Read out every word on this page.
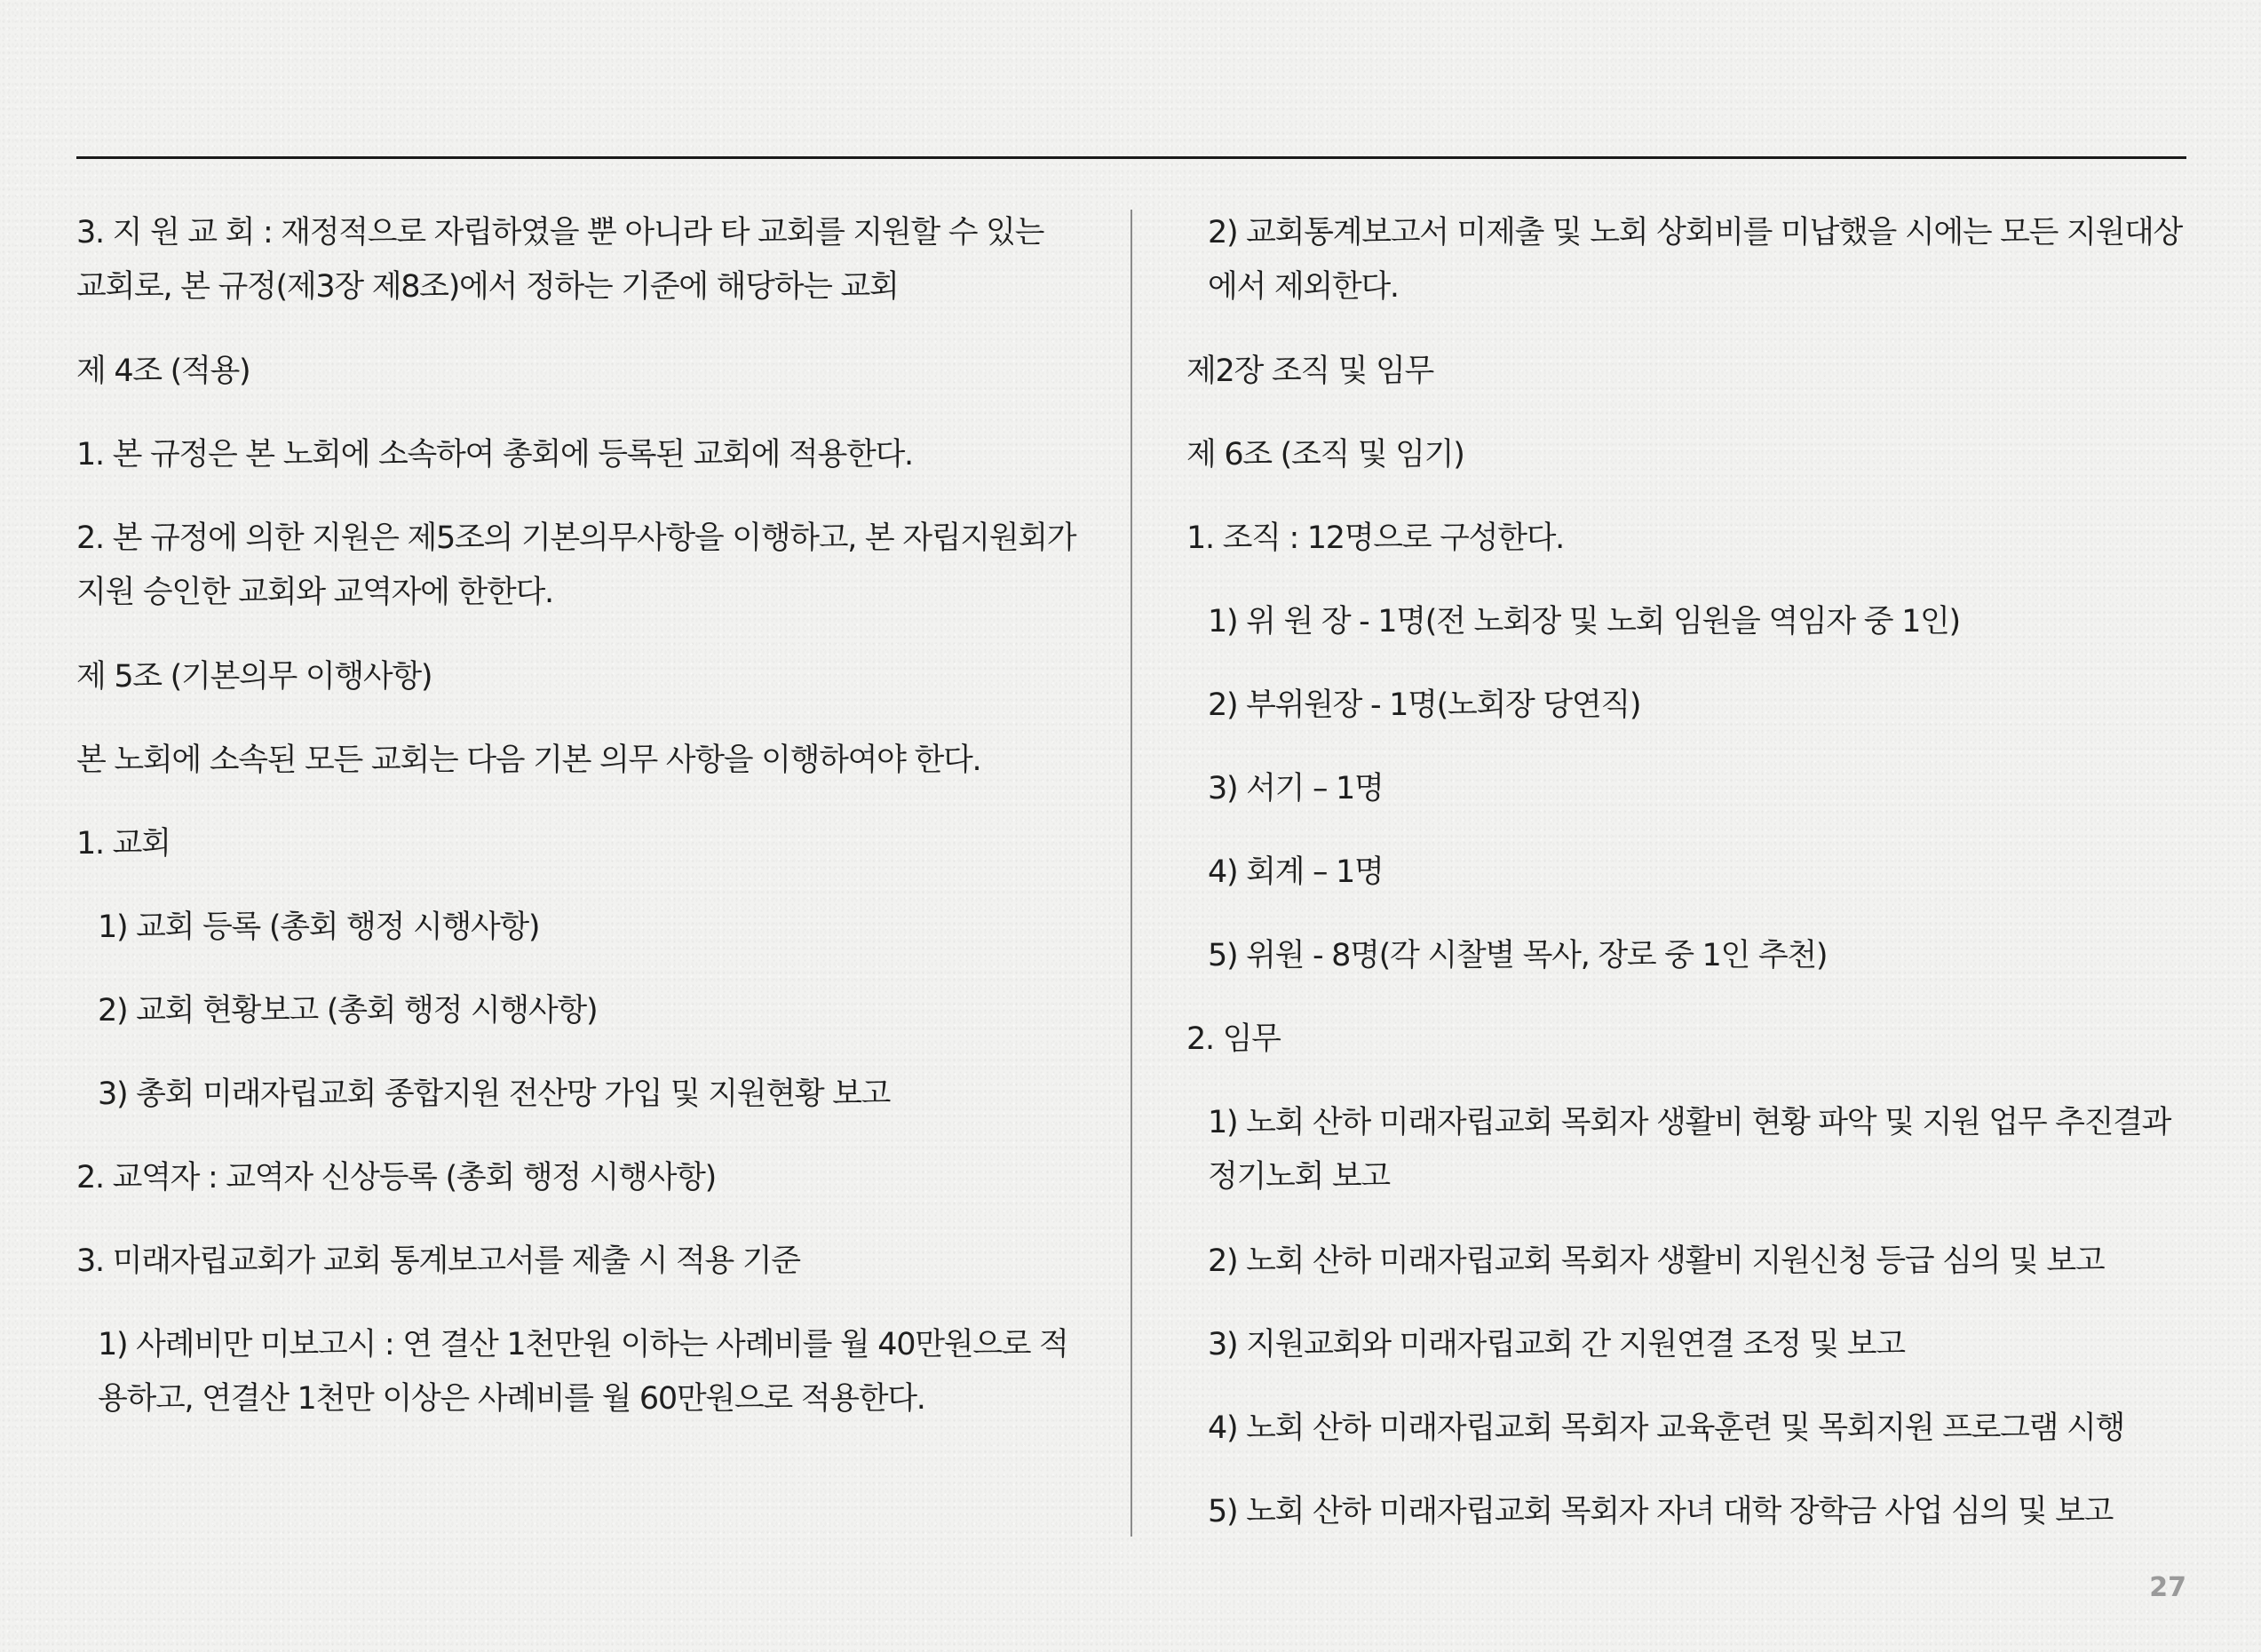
3. 지 원 교 회 : 재정적으로 자립하였을 뿐 아니라 타 교회를 지원할 수 있는 교회로, 본 규정(제3장 제8조)에서 정하는 기준에 해당하는 교회

제 4조 (적용)

1. 본 규정은 본 노회에 소속하여 총회에 등록된 교회에 적용한다.

2. 본 규정에 의한 지원은 제5조의 기본의무사항을 이행하고, 본 자립지원회가 지원 승인한 교회와 교역자에 한한다.

제 5조 (기본의무 이행사항)

본 노회에 소속된 모든 교회는 다음 기본 의무 사항을 이행하여야 한다.

1. 교회

1) 교회 등록 (총회 행정 시행사항)

2) 교회 현황보고 (총회 행정 시행사항)

3) 총회 미래자립교회 종합지원 전산망 가입 및 지원현황 보고

2. 교역자 : 교역자 신상등록 (총회 행정 시행사항)

3. 미래자립교회가 교회 통계보고서를 제출 시 적용 기준

1) 사례비만 미보고시 : 연 결산 1천만원 이하는 사례비를 월 40만원으로 적용하고, 연결산 1천만 이상은 사례비를 월 60만원으로 적용한다.

2) 교회통계보고서 미제출 및 노회 상회비를 미납했을 시에는 모든 지원대상에서 제외한다.

제2장 조직 및 임무

제 6조 (조직 및 임기)

1. 조직 : 12명으로 구성한다.

1) 위 원 장 - 1명(전 노회장 및 노회 임원을 역임자 중 1인)

2) 부위원장 - 1명(노회장 당연직)

3) 서기 – 1명

4) 회계 – 1명

5) 위원 - 8명(각 시찰별 목사, 장로 중 1인 추천)

2. 임무

1) 노회 산하 미래자립교회 목회자 생활비 현황 파악 및 지원 업무 추진결과 정기노회 보고

2) 노회 산하 미래자립교회 목회자 생활비 지원신청 등급 심의 및 보고

3) 지원교회와 미래자립교회 간 지원연결 조정 및 보고

4) 노회 산하 미래자립교회 목회자 교육훈련 및 목회지원 프로그램 시행

5) 노회 산하 미래자립교회 목회자 자녀 대학 장학금 사업 심의 및 보고

27
